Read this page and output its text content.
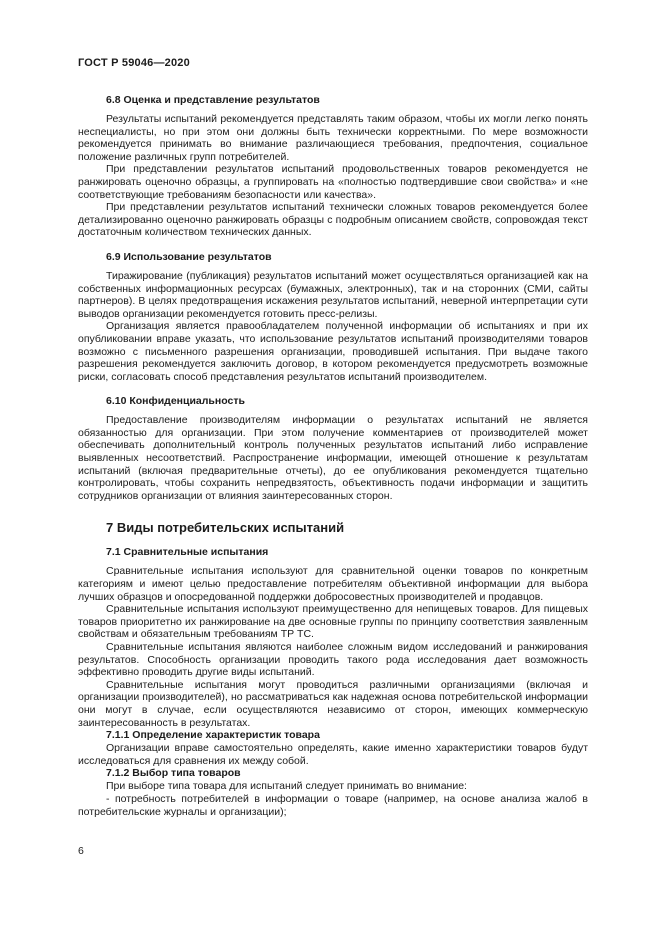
ГОСТ Р 59046—2020
6.8 Оценка и представление результатов

Результаты испытаний рекомендуется представлять таким образом, чтобы их могли легко понять неспециалисты, но при этом они должны быть технически корректными. По мере возможности рекомендуется принимать во внимание различающиеся требования, предпочтения, социальное положение различных групп потребителей.

При представлении результатов испытаний продовольственных товаров рекомендуется не ранжировать оценочно образцы, а группировать на «полностью подтвердившие свои свойства» и «не соответствующие требованиям безопасности или качества».

При представлении результатов испытаний технически сложных товаров рекомендуется более детализированно оценочно ранжировать образцы с подробным описанием свойств, сопровождая текст достаточным количеством технических данных.

6.9 Использование результатов

Тиражирование (публикация) результатов испытаний может осуществляться организацией как на собственных информационных ресурсах (бумажных, электронных), так и на сторонних (СМИ, сайты партнеров). В целях предотвращения искажения результатов испытаний, неверной интерпретации сути выводов организации рекомендуется готовить пресс-релизы.

Организация является правообладателем полученной информации об испытаниях и при их опубликовании вправе указать, что использование результатов испытаний производителями товаров возможно с письменного разрешения организации, проводившей испытания. При выдаче такого разрешения рекомендуется заключить договор, в котором рекомендуется предусмотреть возможные риски, согласовать способ представления результатов испытаний производителем.

6.10 Конфиденциальность

Предоставление производителям информации о результатах испытаний не является обязанностью для организации. При этом получение комментариев от производителей может обеспечивать дополнительный контроль полученных результатов испытаний либо исправление выявленных несоответствий. Распространение информации, имеющей отношение к результатам испытаний (включая предварительные отчеты), до ее опубликования рекомендуется тщательно контролировать, чтобы сохранить непредвзятость, объективность подачи информации и защитить сотрудников организации от влияния заинтересованных сторон.

7 Виды потребительских испытаний
7.1 Сравнительные испытания

Сравнительные испытания используют для сравнительной оценки товаров по конкретным категориям и имеют целью предоставление потребителям объективной информации для выбора лучших образцов и опосредованной поддержки добросовестных производителей и продавцов.

Сравнительные испытания используют преимущественно для непищевых товаров. Для пищевых товаров приоритетно их ранжирование на две основные группы по принципу соответствия заявленным свойствам и обязательным требованиям ТР ТС.

Сравнительные испытания являются наиболее сложным видом исследований и ранжирования результатов. Способность организации проводить такого рода исследования дает возможность эффективно проводить другие виды испытаний.

Сравнительные испытания могут проводиться различными организациями (включая и организации производителей), но рассматриваться как надежная основа потребительской информации они могут в случае, если осуществляются независимо от сторон, имеющих коммерческую заинтересованность в результатах.

7.1.1 Определение характеристик товара

Организации вправе самостоятельно определять, какие именно характеристики товаров будут исследоваться для сравнения их между собой.

7.1.2 Выбор типа товаров

При выборе типа товара для испытаний следует принимать во внимание:

- потребность потребителей в информации о товаре (например, на основе анализа жалоб в потребительские журналы и организации);

6
